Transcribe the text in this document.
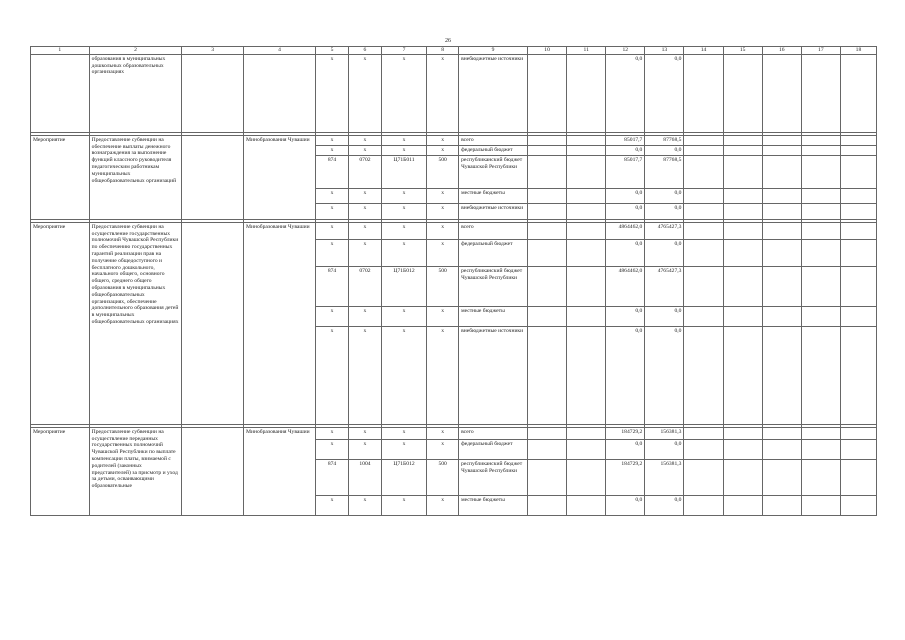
26
1	2	3	4	5	6	7	8	9	10	11	12	13	14	15	16	17	18
	образования в муниципальных дошкольных образовательных организациях			x	x	x	x	внебюджетные источники			0,0	0,0					

Мероприятие	Предоставление субвенции на обеспечение выплаты денежного вознаграждения за выполнение функций классного руководителя педагогическим работникам муниципальных общеобразовательных организаций		Минобразования Чувашии	x	x	x	x	всего			85017,7	87768,5					
				x	x	x	x	федеральный бюджет			0,0	0,0					
				874	0702	Ц71Б011	500	республиканский бюджет Чувашской Республики			85017,7	87768,5					
				x	x	x	x	местные бюджеты			0,0	0,0					
				x	x	x	x	внебюджетные источники			0,0	0,0					

Мероприятие	Предоставление субвенции на осуществление государственных полномочий Чувашской Республики по обеспечению государственных гарантий реализации прав на получение общедоступного и бесплатного дошкольного, начального общего, основного общего, среднего общего образования в муниципальных общеобразовательных организациях, обеспечение дополнительного образования детей в муниципальных общеобразовательных организациях		Минобразования Чувашии	x	x	x	x	всего			4864462,0	4765427,3					
				x	x	x	x	федеральный бюджет			0,0	0,0					
				874	0702	Ц71Б012	500	республиканский бюджет Чувашской Республики			4864462,0	4765427,3					
				x	x	x	x	местные бюджеты			0,0	0,0					
				x	x	x	x	внебюджетные источники			0,0	0,0					

Мероприятие	Предоставление субвенции на осуществление переданных государственных полномочий Чувашской Республики по выплате компенсации платы, взимаемой с родителей (законных представителей) за присмотр и уход за детьми, осваивающими образовательные		Минобразования Чувашии	x	x	x	x	всего			184729,2	156381,3					
				x	x	x	x	федеральный бюджет			0,0	0,0					
				874	1004	Ц71Б012	500	республиканский бюджет Чувашской Республики			184729,2	156381,3					
				x	x	x	x	местные бюджеты			0,0	0,0					
